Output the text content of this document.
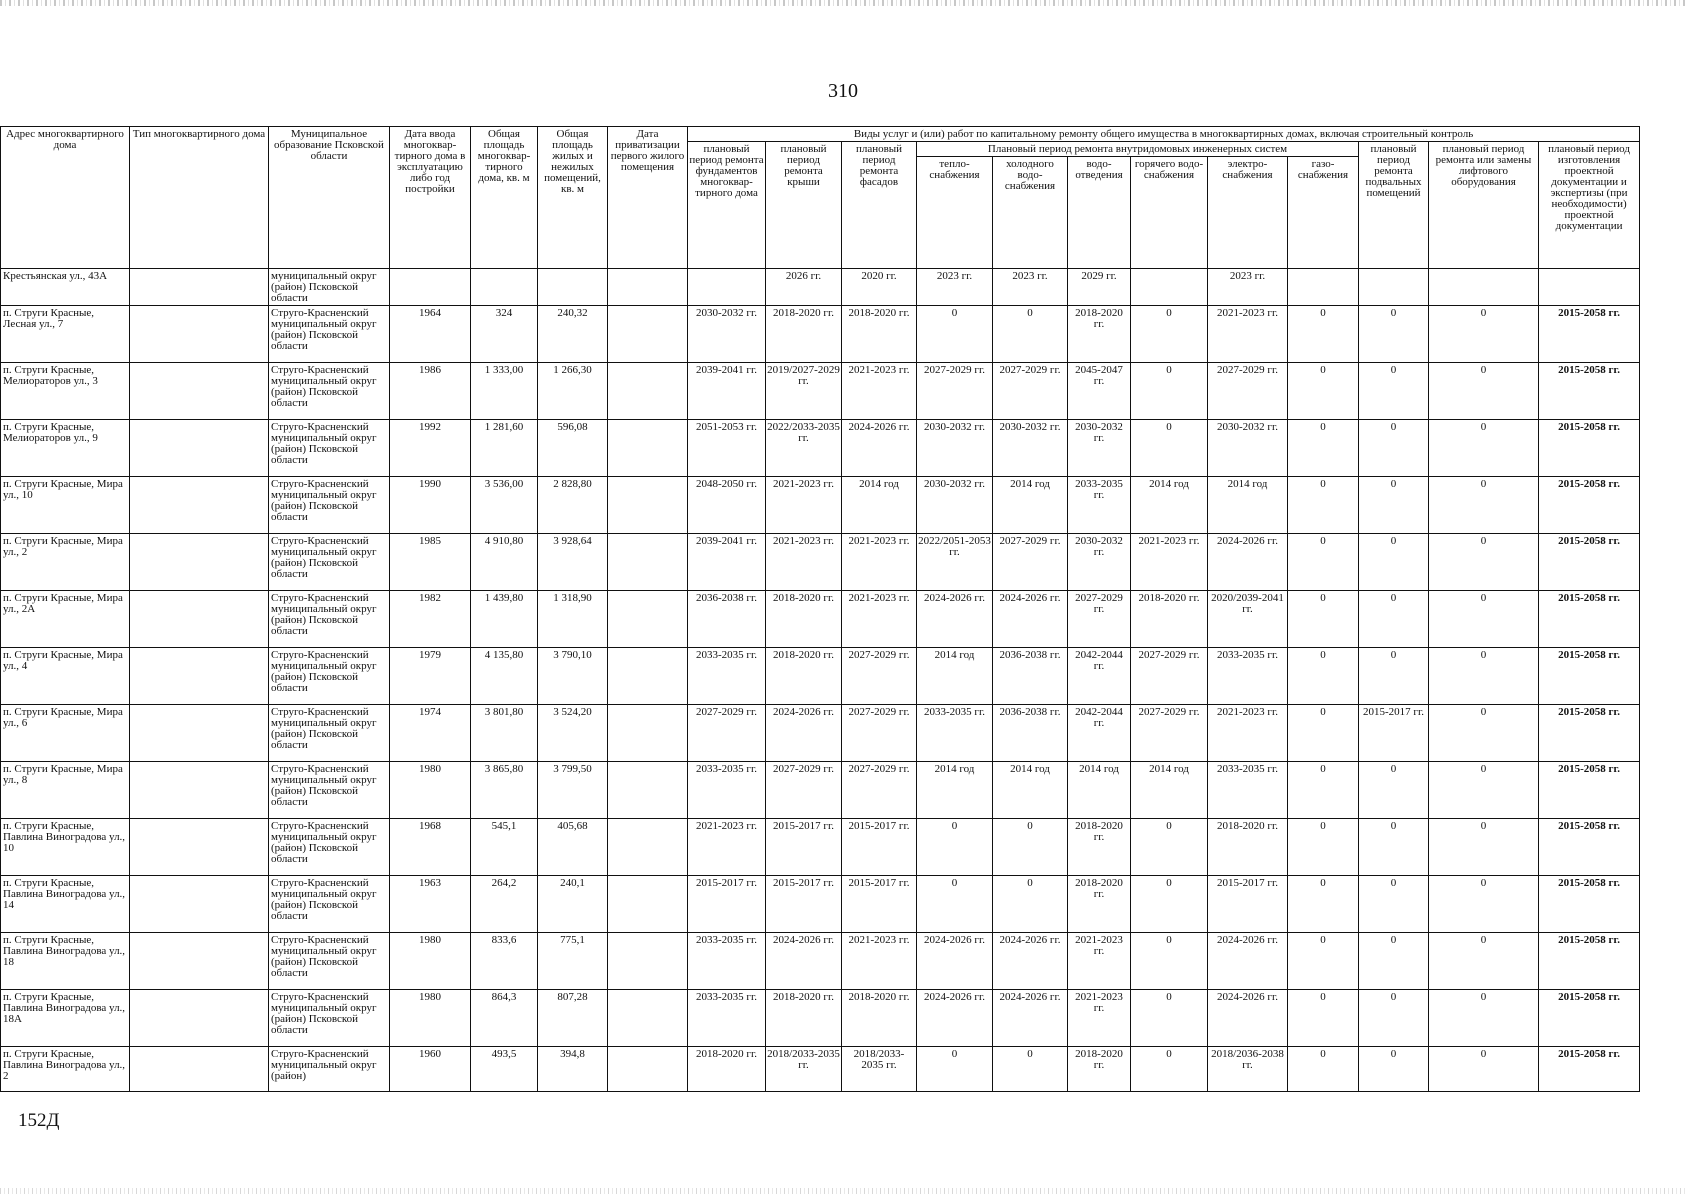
310
Адрес многоквартирного дома	Тип многоквартирного дома	Муниципальное образование Псковской области	Дата ввода многоквар-тирного дома в эксплуатацию либо год постройки	Общая площадь многоквар-тирного дома, кв. м	Общая площадь жилых и нежилых помещений, кв. м	Дата приватизации первого жилого помещения	Виды услуг и (или) работ по капитальному ремонту общего имущества в многоквартирных домах, включая строительный контроль											
							плановый период ремонта фундаментов многоквар-тирного дома	плановый период ремонта крыши	плановый период ремонта фасадов	Плановый период ремонта внутридомовых инженерных систем						плановый период ремонта подвальных помещений	плановый период ремонта или замены лифтового оборудования	плановый период изготовления проектной документации и экспертизы (при необходимости) проектной документации
										тепло-снабжения	холодного водо-снабжения	водо-отведения	горячего водо-снабжения	электро-снабжения	газо-снабжения			
Крестьянская ул., 43А		муниципальный округ (район) Псковской области						2026 гг.	2020 гг.	2023 гг.	2023 гг.	2029 гг.		2023 гг.				
п. Струги Красные, Лесная ул., 7		Струго-Красненский муниципальный округ (район) Псковской области	1964	324	240,32		2030-2032 гг.	2018-2020 гг.	2018-2020 гг.	0	0	2018-2020 гг.	0	2021-2023 гг.	0	0	0	2015-2058 гг.
п. Струги Красные, Мелиораторов ул., 3		Струго-Красненский муниципальный округ (район) Псковской области	1986	1 333,00	1 266,30		2039-2041 гг.	2019/2027-2029 гг.	2021-2023 гг.	2027-2029 гг.	2027-2029 гг.	2045-2047 гг.	0	2027-2029 гг.	0	0	0	2015-2058 гг.
п. Струги Красные, Мелиораторов ул., 9		Струго-Красненский муниципальный округ (район) Псковской области	1992	1 281,60	596,08		2051-2053 гг.	2022/2033-2035 гг.	2024-2026 гг.	2030-2032 гг.	2030-2032 гг.	2030-2032 гг.	0	2030-2032 гг.	0	0	0	2015-2058 гг.
п. Струги Красные, Мира ул., 10		Струго-Красненский муниципальный округ (район) Псковской области	1990	3 536,00	2 828,80		2048-2050 гг.	2021-2023 гг.	2014 год	2030-2032 гг.	2014 год	2033-2035 гг.	2014 год	2014 год	0	0	0	2015-2058 гг.
п. Струги Красные, Мира ул., 2		Струго-Красненский муниципальный округ (район) Псковской области	1985	4 910,80	3 928,64		2039-2041 гг.	2021-2023 гг.	2021-2023 гг.	2022/2051-2053 гг.	2027-2029 гг.	2030-2032 гг.	2021-2023 гг.	2024-2026 гг.	0	0	0	2015-2058 гг.
п. Струги Красные, Мира ул., 2А		Струго-Красненский муниципальный округ (район) Псковской области	1982	1 439,80	1 318,90		2036-2038 гг.	2018-2020 гг.	2021-2023 гг.	2024-2026 гг.	2024-2026 гг.	2027-2029 гг.	2018-2020 гг.	2020/2039-2041 гг.	0	0	0	2015-2058 гг.
п. Струги Красные, Мира ул., 4		Струго-Красненский муниципальный округ (район) Псковской области	1979	4 135,80	3 790,10		2033-2035 гг.	2018-2020 гг.	2027-2029 гг.	2014 год	2036-2038 гг.	2042-2044 гг.	2027-2029 гг.	2033-2035 гг.	0	0	0	2015-2058 гг.
п. Струги Красные, Мира ул., 6		Струго-Красненский муниципальный округ (район) Псковской области	1974	3 801,80	3 524,20		2027-2029 гг.	2024-2026 гг.	2027-2029 гг.	2033-2035 гг.	2036-2038 гг.	2042-2044 гг.	2027-2029 гг.	2021-2023 гг.	0	2015-2017 гг.	0	2015-2058 гг.
п. Струги Красные, Мира ул., 8		Струго-Красненский муниципальный округ (район) Псковской области	1980	3 865,80	3 799,50		2033-2035 гг.	2027-2029 гг.	2027-2029 гг.	2014 год	2014 год	2014 год	2014 год	2033-2035 гг.	0	0	0	2015-2058 гг.
п. Струги Красные, Павлина Виноградова ул., 10		Струго-Красненский муниципальный округ (район) Псковской области	1968	545,1	405,68		2021-2023 гг.	2015-2017 гг.	2015-2017 гг.	0	0	2018-2020 гг.	0	2018-2020 гг.	0	0	0	2015-2058 гг.
п. Струги Красные, Павлина Виноградова ул., 14		Струго-Красненский муниципальный округ (район) Псковской области	1963	264,2	240,1		2015-2017 гг.	2015-2017 гг.	2015-2017 гг.	0	0	2018-2020 гг.	0	2015-2017 гг.	0	0	0	2015-2058 гг.
п. Струги Красные, Павлина Виноградова ул., 18		Струго-Красненский муниципальный округ (район) Псковской области	1980	833,6	775,1		2033-2035 гг.	2024-2026 гг.	2021-2023 гг.	2024-2026 гг.	2024-2026 гг.	2021-2023 гг.	0	2024-2026 гг.	0	0	0	2015-2058 гг.
п. Струги Красные, Павлина Виноградова ул., 18А		Струго-Красненский муниципальный округ (район) Псковской области	1980	864,3	807,28		2033-2035 гг.	2018-2020 гг.	2018-2020 гг.	2024-2026 гг.	2024-2026 гг.	2021-2023 гг.	0	2024-2026 гг.	0	0	0	2015-2058 гг.
п. Струги Красные, Павлина Виноградова ул., 2		Струго-Красненский муниципальный округ (район)	1960	493,5	394,8		2018-2020 гг.	2018/2033-2035 гг.	2018/2033-2035 гг.	0	0	2018-2020 гг.	0	2018/2036-2038 гг.	0	0	0	2015-2058 гг.
152Д
